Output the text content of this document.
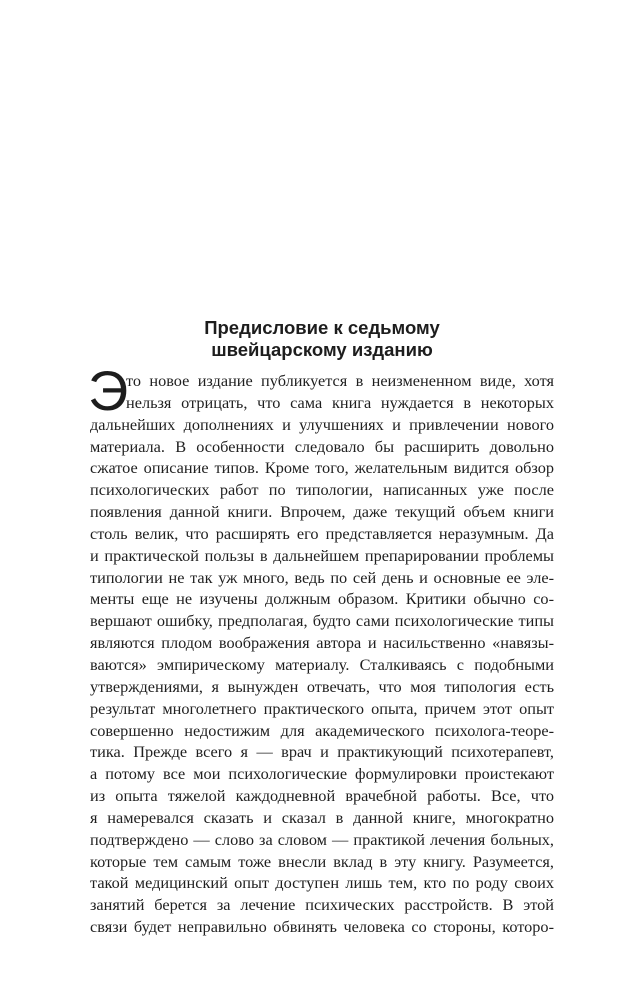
Предисловие к седьмому
швейцарскому изданию
Э
то новое издание публикуется в неизмененном виде, хотя
нельзя отрицать, что сама книга нуждается в некоторых
дальнейших дополнениях и улучшениях и привлечении нового
материала. В особенности следовало бы расширить довольно
сжатое описание типов. Кроме того, желательным видится обзор
психологических работ по типологии, написанных уже после
появления данной книги. Впрочем, даже текущий объем книги
столь велик, что расширять его представляется неразумным. Да
и практической пользы в дальнейшем препарировании проблемы
типологии не так уж много, ведь по сей день и основные ее эле-
менты еще не изучены должным образом. Критики обычно со-
вершают ошибку, предполагая, будто сами психологические типы
являются плодом воображения автора и насильственно «навязы-
ваются» эмпирическому материалу. Сталкиваясь с подобными
утверждениями, я вынужден отвечать, что моя типология есть
результат многолетнего практического опыта, причем этот опыт
совершенно недостижим для академического психолога-теоре-
тика. Прежде всего я — врач и практикующий психотерапевт,
а потому все мои психологические формулировки проистекают
из опыта тяжелой каждодневной врачебной работы. Все, что
я намеревался сказать и сказал в данной книге, многократно
подтверждено — слово за словом — практикой лечения больных,
которые тем самым тоже внесли вклад в эту книгу. Разумеется,
такой медицинский опыт доступен лишь тем, кто по роду своих
занятий берется за лечение психических расстройств. В этой
связи будет неправильно обвинять человека со стороны, которо-
